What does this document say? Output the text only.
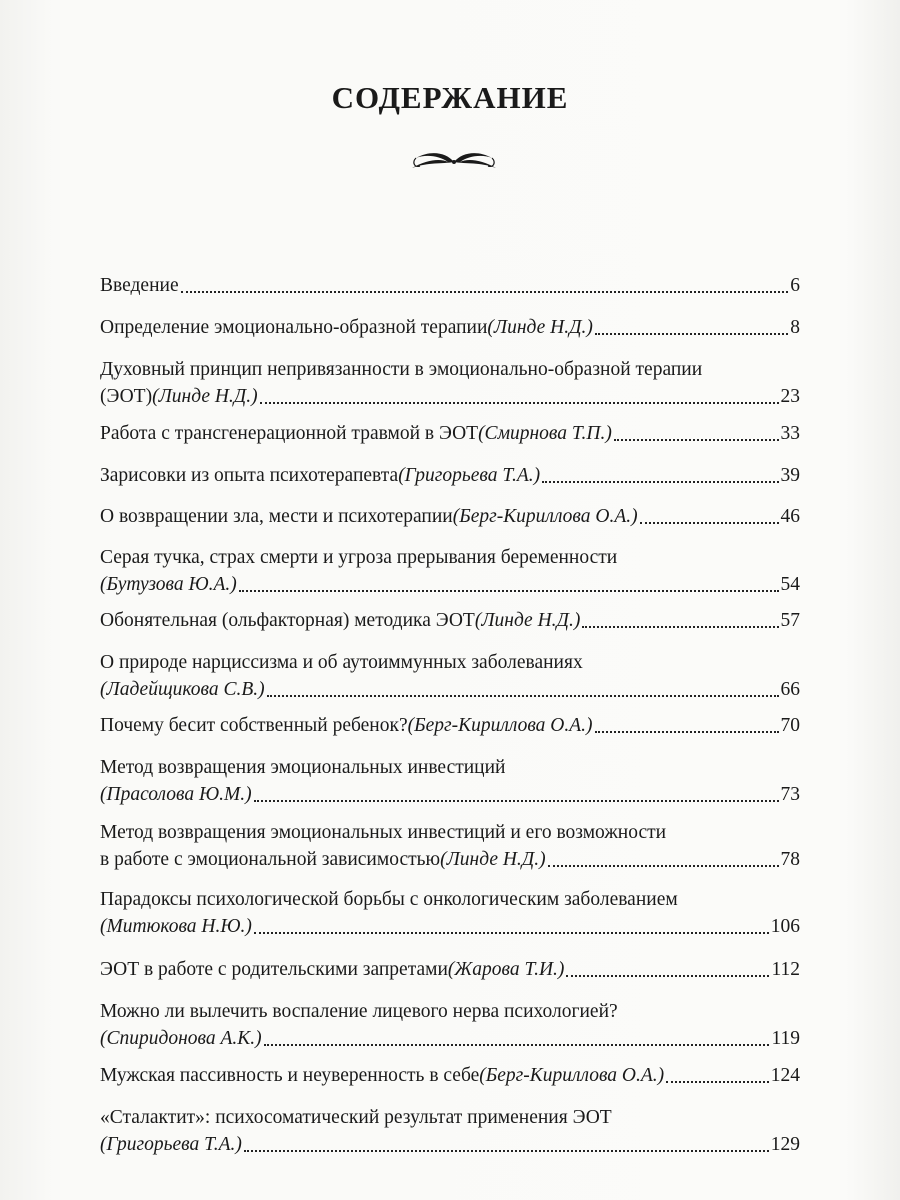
СОДЕРЖАНИЕ
Введение	6
Определение эмоционально-образной терапии (Линде Н.Д.)	8
Духовный принцип непривязанности в эмоционально-образной терапии
(ЭОТ) (Линде Н.Д.)	23
Работа с трансгенерационной травмой в ЭОТ (Смирнова Т.П.)	33
Зарисовки из опыта психотерапевта (Григорьева Т.А.)	39
О возвращении зла, мести и психотерапии (Берг-Кириллова О.А.)	46
Серая тучка, страх смерти и угроза прерывания беременности
(Бутузова Ю.А.)	54
Обонятельная (ольфакторная) методика ЭОТ (Линде Н.Д.)	57
О природе нарциссизма и об аутоиммунных заболеваниях
(Ладейщикова С.В.)	66
Почему бесит собственный ребенок? (Берг-Кириллова О.А.)	70
Метод возвращения эмоциональных инвестиций
(Прасолова Ю.М.)	73
Метод возвращения эмоциональных инвестиций и его возможности
в работе с эмоциональной зависимостью (Линде Н.Д.)	78
Парадоксы психологической борьбы с онкологическим заболеванием
(Митюкова Н.Ю.)	106
ЭОТ в работе с родительскими запретами (Жарова Т.И.)	112
Можно ли вылечить воспаление лицевого нерва психологией?
(Спиридонова А.К.)	119
Мужская пассивность и неуверенность в себе (Берг-Кириллова О.А.)	124
«Сталактит»: психосоматический результат применения ЭОТ
(Григорьева Т.А.)	129
